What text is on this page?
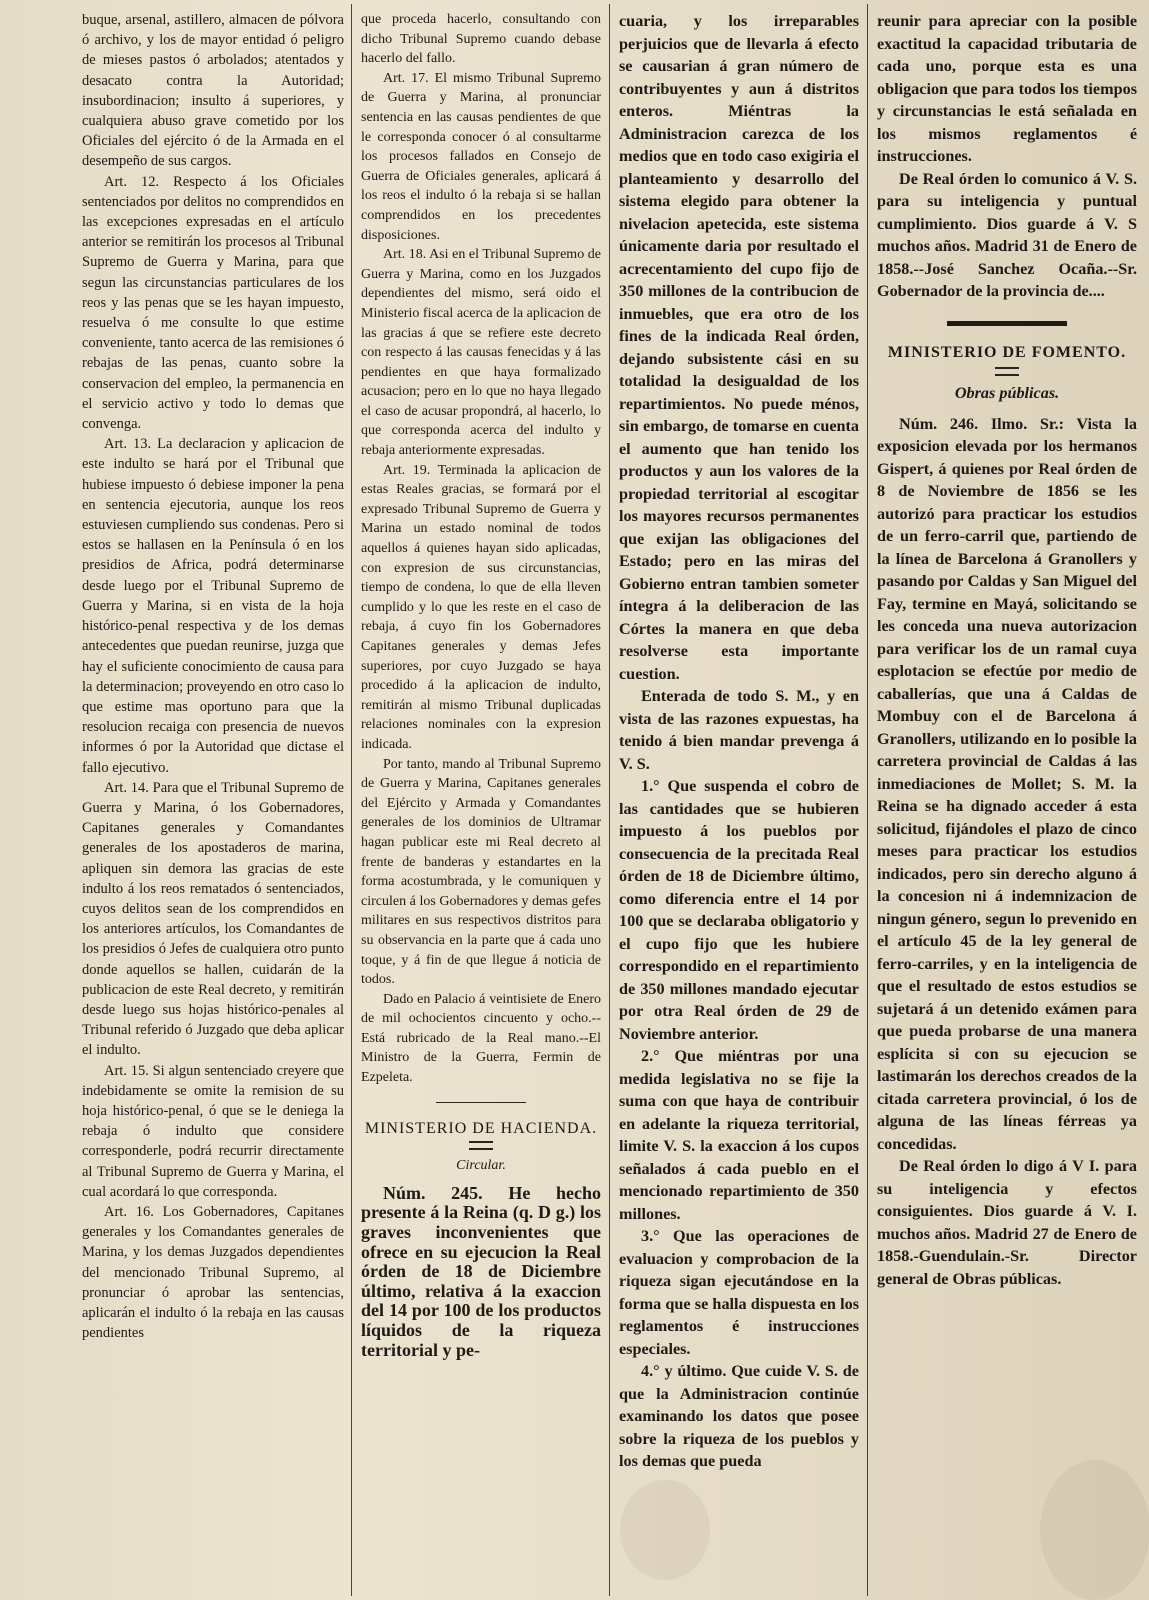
buque, arsenal, astillero, almacen de pólvora ó archivo, y los de mayor entidad ó peligro de mieses pastos ó arbolados; atentados y desacato contra la Autoridad; insubordinacion; insulto á superiores, y cualquiera abuso grave cometido por los Oficiales del ejército ó de la Armada en el desempeño de sus cargos.

Art. 12. Respecto á los Oficiales sentenciados por delitos no comprendidos en las excepciones expresadas en el artículo anterior se remitirán los procesos al Tribunal Supremo de Guerra y Marina, para que segun las circunstancias particulares de los reos y las penas que se les hayan impuesto, resuelva ó me consulte lo que estime conveniente, tanto acerca de las remisiones ó rebajas de las penas, cuanto sobre la conservacion del empleo, la permanencia en el servicio activo y todo lo demas que convenga.

Art. 13. La declaracion y aplicacion de este indulto se hará por el Tribunal que hubiese impuesto ó debiese imponer la pena en sentencia ejecutoria, aunque los reos estuviesen cumpliendo sus condenas. Pero si estos se hallasen en la Península ó en los presidios de Africa, podrá determinarse desde luego por el Tribunal Supremo de Guerra y Marina, si en vista de la hoja histórico-penal respectiva y de los demas antecedentes que puedan reunirse, juzga que hay el suficiente conocimiento de causa para la determinacion; proveyendo en otro caso lo que estime mas oportuno para que la resolucion recaiga con presencia de nuevos informes ó por la Autoridad que dictase el fallo ejecutivo.

Art. 14. Para que el Tribunal Supremo de Guerra y Marina, ó los Gobernadores, Capitanes generales y Comandantes generales de los apostaderos de marina, apliquen sin demora las gracias de este indulto á los reos rematados ó sentenciados, cuyos delitos sean de los comprendidos en los anteriores artículos, los Comandantes de los presidios ó Jefes de cualquiera otro punto donde aquellos se hallen, cuidarán de la publicacion de este Real decreto, y remitirán desde luego sus hojas histórico-penales al Tribunal referido ó Juzgado que deba aplicar el indulto.

Art. 15. Si algun sentenciado creyere que indebidamente se omite la remision de su hoja histórico-penal, ó que se le deniega la rebaja ó indulto que considere corresponderle, podrá recurrir directamente al Tribunal Supremo de Guerra y Marina, el cual acordará lo que corresponda.

Art. 16. Los Gobernadores, Capitanes generales y los Comandantes generales de Marina, y los demas Juzgados dependientes del mencionado Tribunal Supremo, al pronunciar ó aprobar las sentencias, aplicarán el indulto ó la rebaja en las causas pendientes

que proceda hacerlo, consultando con dicho Tribunal Supremo cuando debase hacerlo del fallo.

Art. 17. El mismo Tribunal Supremo de Guerra y Marina, al pronunciar sentencia en las causas pendientes de que le corresponda conocer ó al consultarme los procesos fallados en Consejo de Guerra de Oficiales generales, aplicará á los reos el indulto ó la rebaja si se hallan comprendidos en los precedentes disposiciones.

Art. 18. Asi en el Tribunal Supremo de Guerra y Marina, como en los Juzgados dependientes del mismo, será oido el Ministerio fiscal acerca de la aplicacion de las gracias á que se refiere este decreto con respecto á las causas fenecidas y á las pendientes en que haya formalizado acusacion; pero en lo que no haya llegado el caso de acusar propondrá, al hacerlo, lo que corresponda acerca del indulto y rebaja anteriormente expresadas.

Art. 19. Terminada la aplicacion de estas Reales gracias, se formará por el expresado Tribunal Supremo de Guerra y Marina un estado nominal de todos aquellos á quienes hayan sido aplicadas, con expresion de sus circunstancias, tiempo de condena, lo que de ella lleven cumplido y lo que les reste en el caso de rebaja, á cuyo fin los Gobernadores Capitanes generales y demas Jefes superiores, por cuyo Juzgado se haya procedido á la aplicacion de indulto, remitirán al mismo Tribunal duplicadas relaciones nominales con la expresion indicada.

Por tanto, mando al Tribunal Supremo de Guerra y Marina, Capitanes generales del Ejército y Armada y Comandantes generales de los dominios de Ultramar hagan publicar este mi Real decreto al frente de banderas y estandartes en la forma acostumbrada, y le comuniquen y circulen á los Gobernadores y demas gefes militares en sus respectivos distritos para su observancia en la parte que á cada uno toque, y á fin de que llegue á noticia de todos.

Dado en Palacio á veintisiete de Enero de mil ochocientos cincuento y ocho.--Está rubricado de la Real mano.--El Ministro de la Guerra, Fermin de Ezpeleta.

MINISTERIO DE HACIENDA.
Circular.

Núm. 245. He hecho presente á la Reina (q. D g.) los graves inconvenientes que ofrece en su ejecucion la Real órden de 18 de Diciembre último, relativa á la exaccion del 14 por 100 de los productos líquidos de la riqueza territorial y pe-

cuaria, y los irreparables perjuicios que de llevarla á efecto se causarian á gran número de contribuyentes y aun á distritos enteros. Miéntras la Administracion carezca de los medios que en todo caso exigiria el planteamiento y desarrollo del sistema elegido para obtener la nivelacion apetecida, este sistema únicamente daria por resultado el acrecentamiento del cupo fijo de 350 millones de la contribucion de inmuebles, que era otro de los fines de la indicada Real órden, dejando subsistente cási en su totalidad la desigualdad de los repartimientos. No puede ménos, sin embargo, de tomarse en cuenta el aumento que han tenido los productos y aun los valores de la propiedad territorial al escogitar los mayores recursos permanentes que exijan las obligaciones del Estado; pero en las miras del Gobierno entran tambien someter íntegra á la deliberacion de las Córtes la manera en que deba resolverse esta importante cuestion.

Enterada de todo S. M., y en vista de las razones expuestas, ha tenido á bien mandar prevenga á V. S.

1.° Que suspenda el cobro de las cantidades que se hubieren impuesto á los pueblos por consecuencia de la precitada Real órden de 18 de Diciembre último, como diferencia entre el 14 por 100 que se declaraba obligatorio y el cupo fijo que les hubiere correspondido en el repartimiento de 350 millones mandado ejecutar por otra Real órden de 29 de Noviembre anterior.

2.° Que miéntras por una medida legislativa no se fije la suma con que haya de contribuir en adelante la riqueza territorial, limite V. S. la exaccion á los cupos señalados á cada pueblo en el mencionado repartimiento de 350 millones.

3.° Que las operaciones de evaluacion y comprobacion de la riqueza sigan ejecutándose en la forma que se halla dispuesta en los reglamentos é instrucciones especiales.

4.° y último. Que cuide V. S. de que la Administracion continúe examinando los datos que posee sobre la riqueza de los pueblos y los demas que pueda

reunir para apreciar con la posible exactitud la capacidad tributaria de cada uno, porque esta es una obligacion que para todos los tiempos y circunstancias le está señalada en los mismos reglamentos é instrucciones.

De Real órden lo comunico á V. S. para su inteligencia y puntual cumplimiento. Dios guarde á V. S muchos años. Madrid 31 de Enero de 1858.--José Sanchez Ocaña.--Sr. Gobernador de la provincia de....

MINISTERIO DE FOMENTO.
Obras públicas.

Núm. 246. Ilmo. Sr.: Vista la exposicion elevada por los hermanos Gispert, á quienes por Real órden de 8 de Noviembre de 1856 se les autorizó para practicar los estudios de un ferro-carril que, partiendo de la línea de Barcelona á Granollers y pasando por Caldas y San Miguel del Fay, termine en Mayá, solicitando se les conceda una nueva autorizacion para verificar los de un ramal cuya esplotacion se efectúe por medio de caballerías, que una á Caldas de Mombuy con el de Barcelona á Granollers, utilizando en lo posible la carretera provincial de Caldas á las inmediaciones de Mollet; S. M. la Reina se ha dignado acceder á esta solicitud, fijándoles el plazo de cinco meses para practicar los estudios indicados, pero sin derecho alguno á la concesion ni á indemnizacion de ningun género, segun lo prevenido en el artículo 45 de la ley general de ferro-carriles, y en la inteligencia de que el resultado de estos estudios se sujetará á un detenido exámen para que pueda probarse de una manera esplícita si con su ejecucion se lastimarán los derechos creados de la citada carretera provincial, ó los de alguna de las líneas férreas ya concedidas.

De Real órden lo digo á V I. para su inteligencia y efectos consiguientes. Dios guarde á V. I. muchos años. Madrid 27 de Enero de 1858.-Guendulain.-Sr. Director general de Obras públicas.
